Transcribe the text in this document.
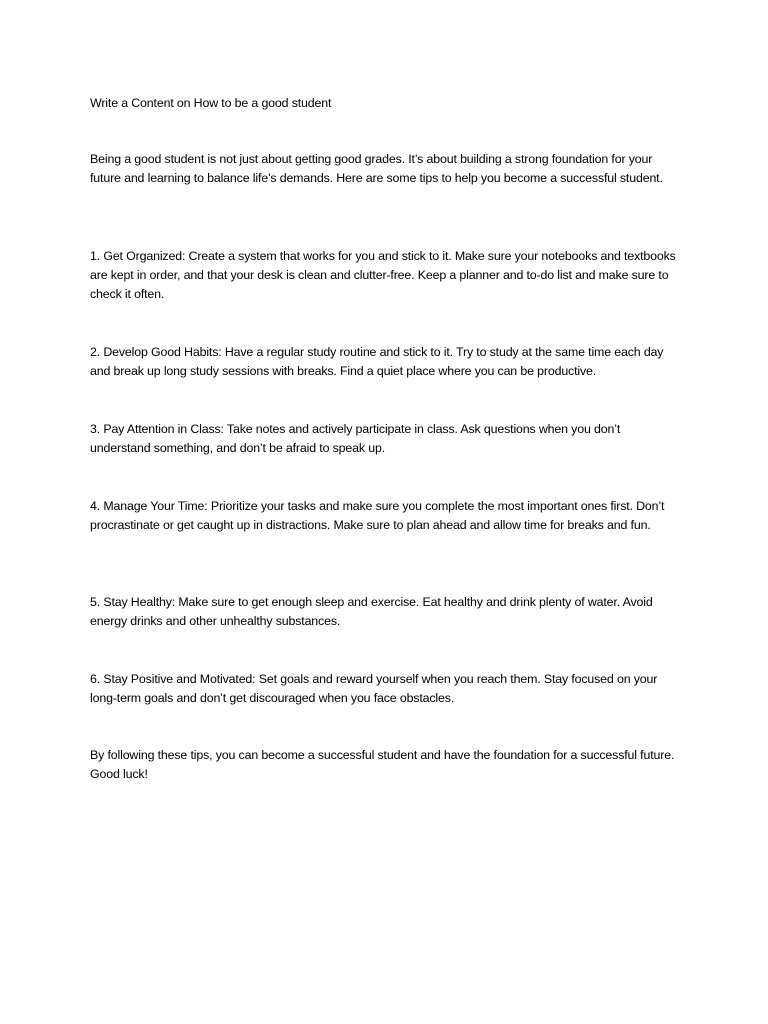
Write a Content on How to be a good student

Being a good student is not just about getting good grades. It’s about building a strong foundation for your future and learning to balance life’s demands. Here are some tips to help you become a successful student.

1. Get Organized: Create a system that works for you and stick to it. Make sure your notebooks and textbooks are kept in order, and that your desk is clean and clutter-free. Keep a planner and to-do list and make sure to check it often.

2. Develop Good Habits: Have a regular study routine and stick to it. Try to study at the same time each day and break up long study sessions with breaks. Find a quiet place where you can be productive.

3. Pay Attention in Class: Take notes and actively participate in class. Ask questions when you don’t understand something, and don’t be afraid to speak up.

4. Manage Your Time: Prioritize your tasks and make sure you complete the most important ones first. Don’t procrastinate or get caught up in distractions. Make sure to plan ahead and allow time for breaks and fun.

5. Stay Healthy: Make sure to get enough sleep and exercise. Eat healthy and drink plenty of water. Avoid energy drinks and other unhealthy substances.

6. Stay Positive and Motivated: Set goals and reward yourself when you reach them. Stay focused on your long-term goals and don’t get discouraged when you face obstacles.

By following these tips, you can become a successful student and have the foundation for a successful future. Good luck!
